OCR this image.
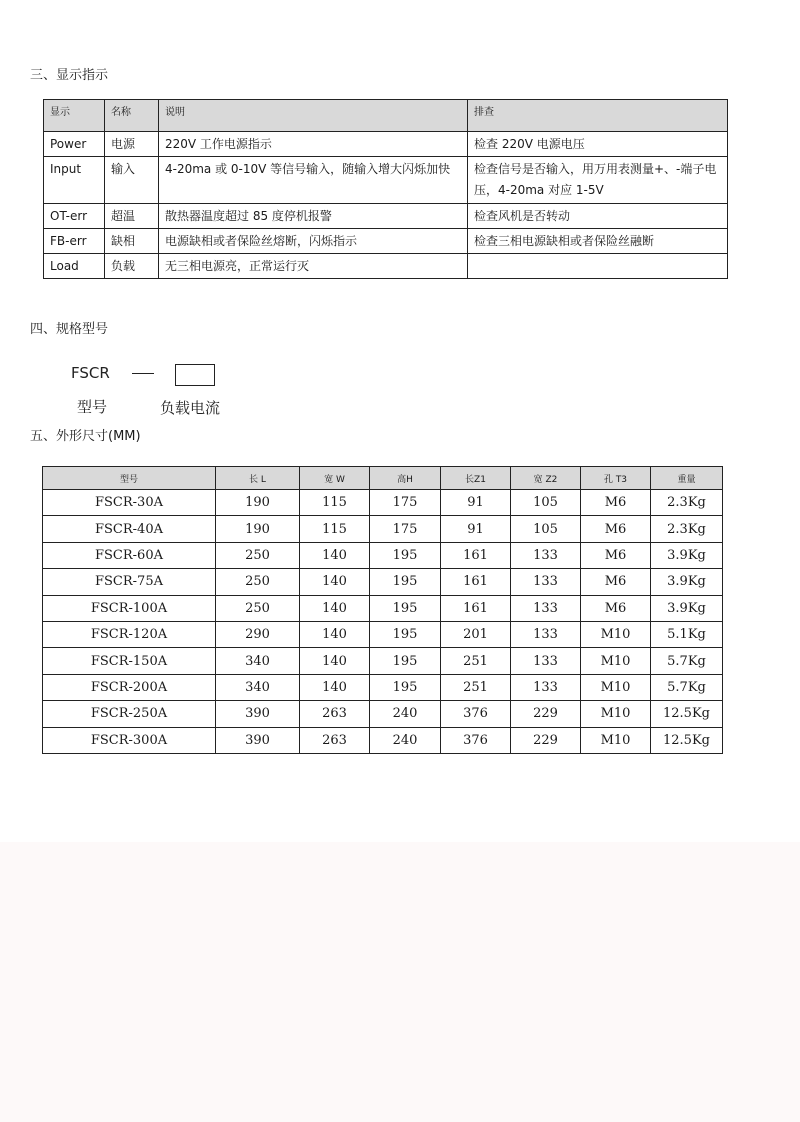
三、显示指示
显示	名称	说明	排查
Power	电源	220V 工作电源指示	检查 220V 电源电压
Input	输入	4-20ma 或 0-10V 等信号输入，随输入增大闪烁加快	检查信号是否输入，用万用表测量+、-端子电压，4-20ma 对应 1-5V
OT-err	超温	散热器温度超过 85 度停机报警	检查风机是否转动
FB-err	缺相	电源缺相或者保险丝熔断，闪烁指示	检查三相电源缺相或者保险丝融断
Load	负载	无三相电源亮，正常运行灭	
四、规格型号
FSCR
型号	负载电流
五、外形尺寸(MM)
型号	长 L	宽 W	高H	长Z1	宽 Z2	孔 T3	重量
FSCR-30A	190	115	175	91	105	M6	2.3Kg
FSCR-40A	190	115	175	91	105	M6	2.3Kg
FSCR-60A	250	140	195	161	133	M6	3.9Kg
FSCR-75A	250	140	195	161	133	M6	3.9Kg
FSCR-100A	250	140	195	161	133	M6	3.9Kg
FSCR-120A	290	140	195	201	133	M10	5.1Kg
FSCR-150A	340	140	195	251	133	M10	5.7Kg
FSCR-200A	340	140	195	251	133	M10	5.7Kg
FSCR-250A	390	263	240	376	229	M10	12.5Kg
FSCR-300A	390	263	240	376	229	M10	12.5Kg
